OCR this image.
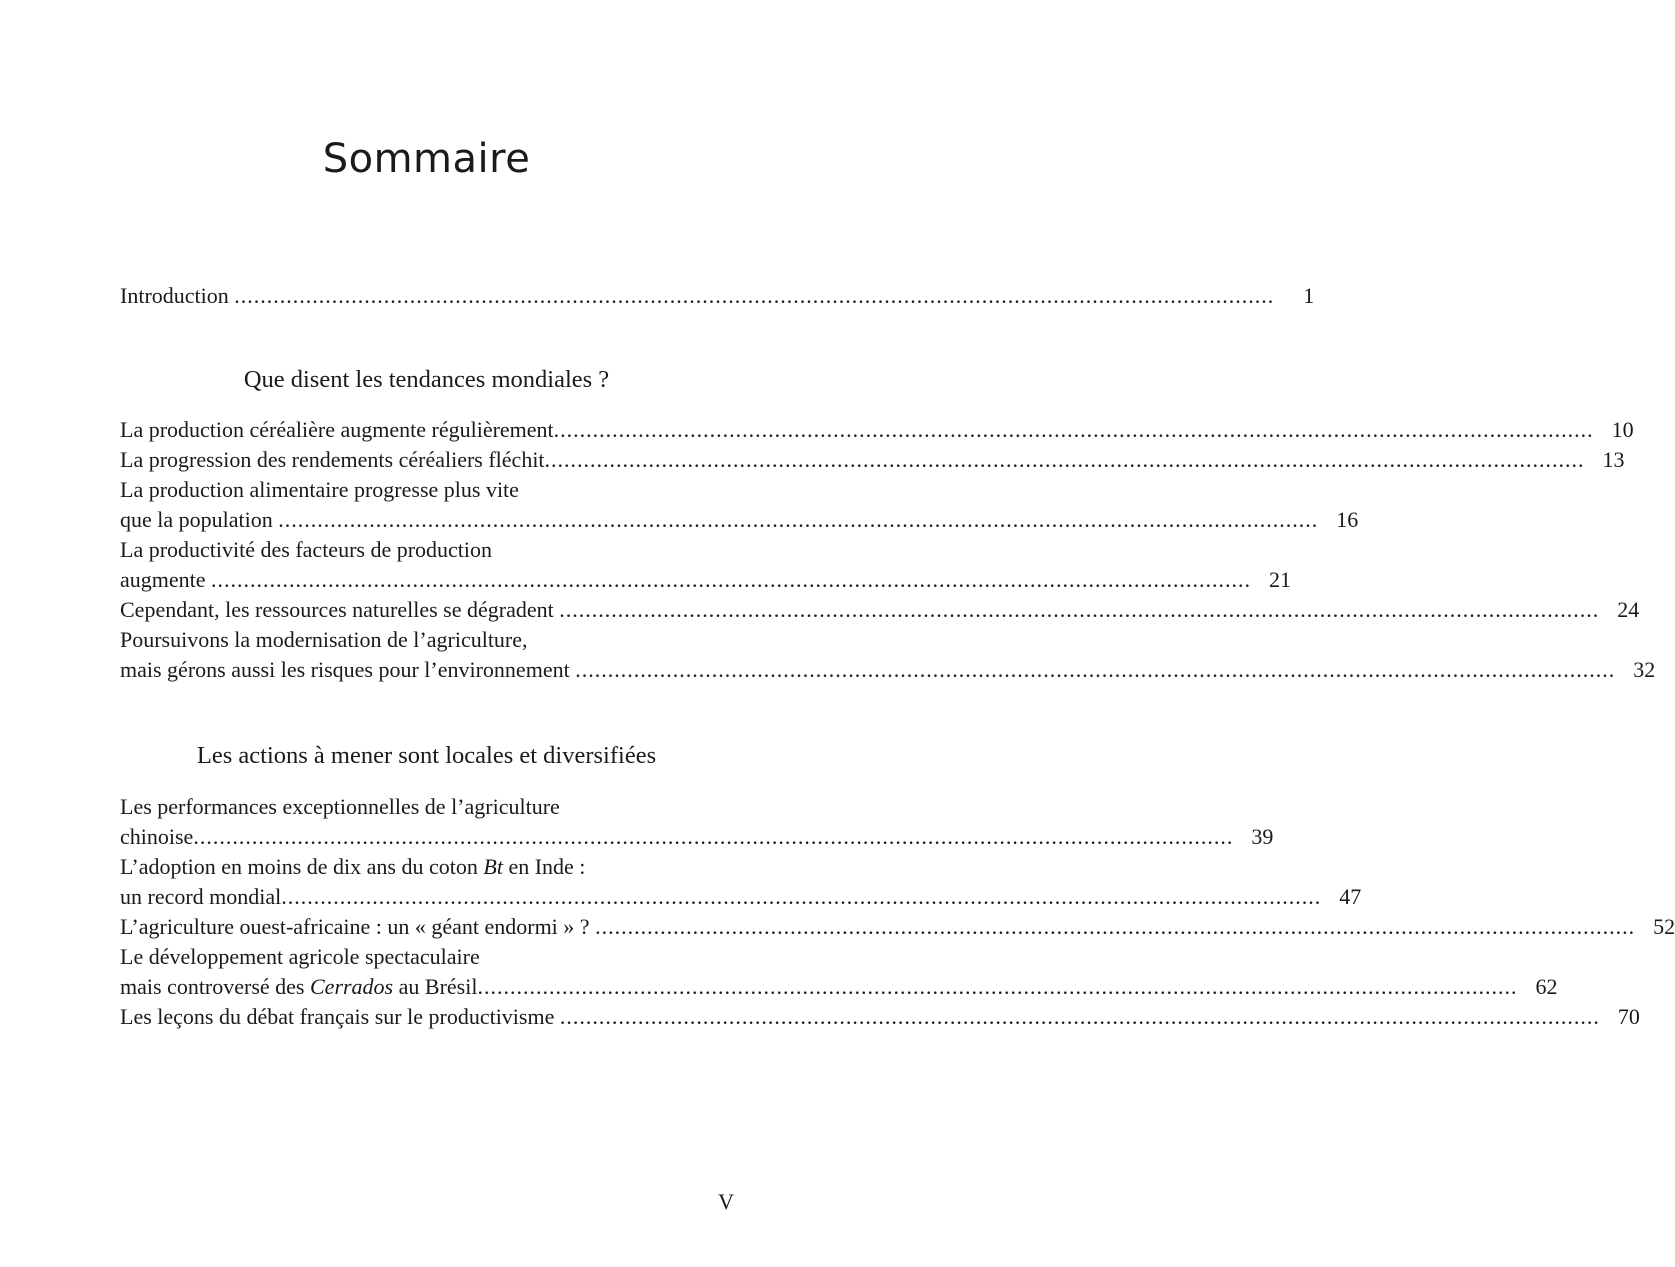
Sommaire
Introduction ................................................................................................................................................................	1
Que disent les tendances mondiales ?
La production céréalière augmente régulièrement................................................................................................................................................................ 10
La progression des rendements céréaliers fléchit................................................................................................................................................................ 13
La production alimentaire progresse plus vite
que la population ................................................................................................................................................................ 16
La productivité des facteurs de production
augmente ................................................................................................................................................................ 21
Cependant, les ressources naturelles se dégradent ................................................................................................................................................................ 24
Poursuivons la modernisation de l’agriculture,
mais gérons aussi les risques pour l’environnement ................................................................................................................................................................ 32
Les actions à mener sont locales et diversifiées
Les performances exceptionnelles de l’agriculture
chinoise................................................................................................................................................................ 39
L’adoption en moins de dix ans du coton Bt en Inde :
un record mondial................................................................................................................................................................ 47
L’agriculture ouest-africaine : un « géant endormi » ? ................................................................................................................................................................ 52
Le développement agricole spectaculaire
mais controversé des Cerrados au Brésil................................................................................................................................................................ 62
Les leçons du débat français sur le productivisme ................................................................................................................................................................ 70
V
